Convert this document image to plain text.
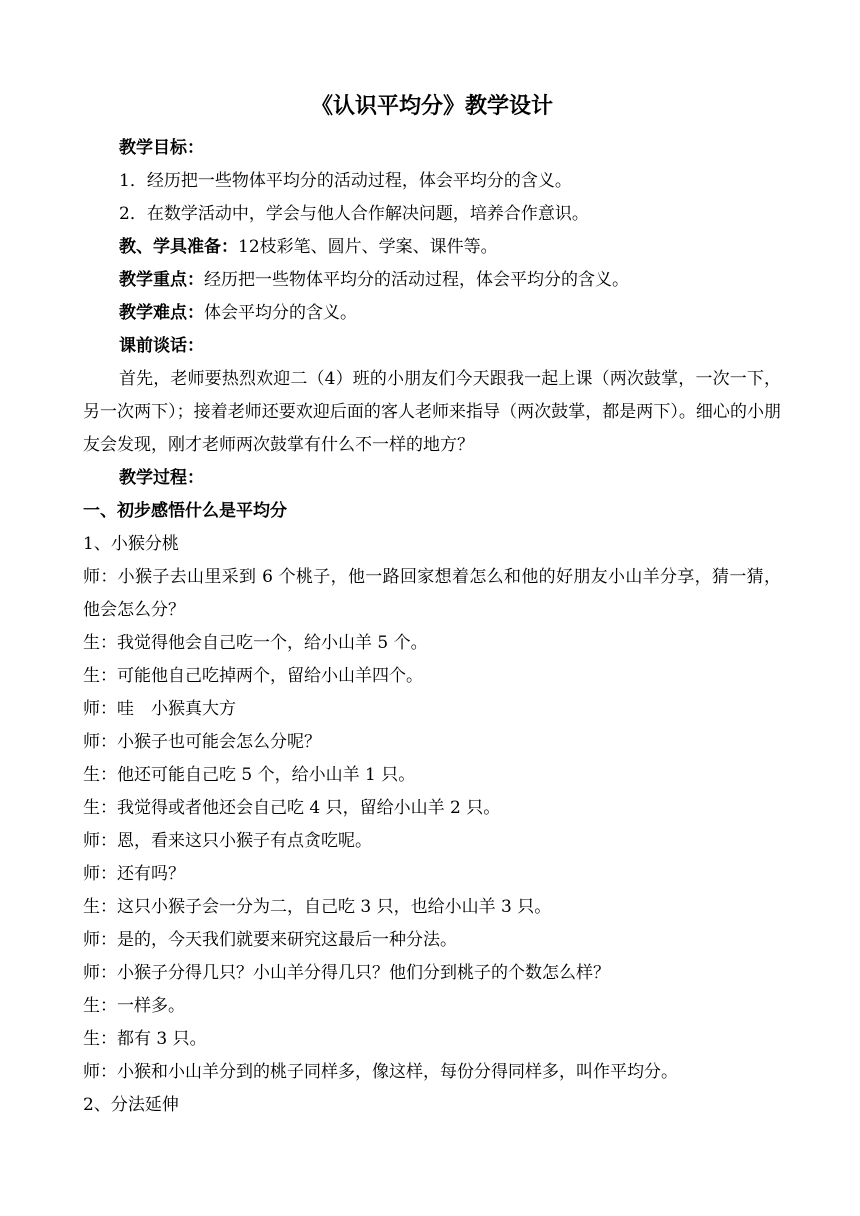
《认识平均分》教学设计

教学目标：

1．经历把一些物体平均分的活动过程，体会平均分的含义。

2．在数学活动中，学会与他人合作解决问题，培养合作意识。

教、学具准备：12枝彩笔、圆片、学案、课件等。

教学重点：经历把一些物体平均分的活动过程，体会平均分的含义。

教学难点：体会平均分的含义。

课前谈话：

首先，老师要热烈欢迎二（4）班的小朋友们今天跟我一起上课（两次鼓掌，一次一下，另一次两下）；接着老师还要欢迎后面的客人老师来指导（两次鼓掌，都是两下）。细心的小朋友会发现，刚才老师两次鼓掌有什么不一样的地方？

教学过程：

一、初步感悟什么是平均分

1、小猴分桃

师：小猴子去山里采到 6 个桃子，他一路回家想着怎么和他的好朋友小山羊分享，猜一猜，他会怎么分？

生：我觉得他会自己吃一个，给小山羊 5 个。

生：可能他自己吃掉两个，留给小山羊四个。

师：哇　小猴真大方

师：小猴子也可能会怎么分呢？

生：他还可能自己吃 5 个，给小山羊 1 只。

生：我觉得或者他还会自己吃 4 只，留给小山羊 2 只。

师：恩，看来这只小猴子有点贪吃呢。

师：还有吗？

生：这只小猴子会一分为二，自己吃 3 只，也给小山羊 3 只。

师：是的，今天我们就要来研究这最后一种分法。

师：小猴子分得几只？小山羊分得几只？他们分到桃子的个数怎么样？

生：一样多。

生：都有 3 只。

师：小猴和小山羊分到的桃子同样多，像这样，每份分得同样多，叫作平均分。

2、分法延伸
